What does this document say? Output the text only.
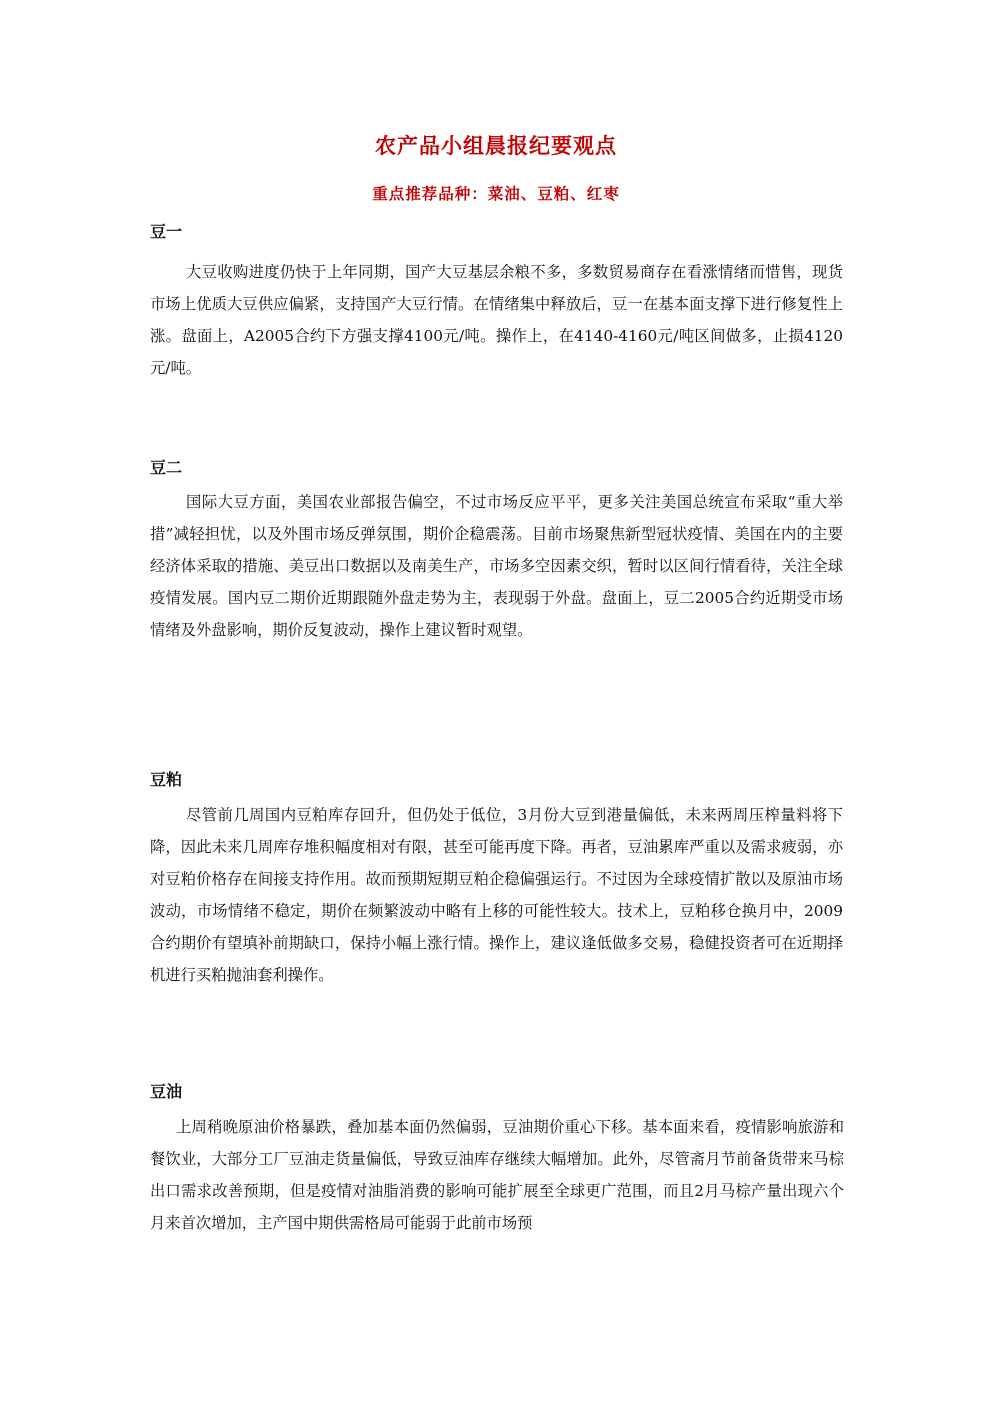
农产品小组晨报纪要观点
重点推荐品种：菜油、豆粕、红枣
豆一

大豆收购进度仍快于上年同期，国产大豆基层余粮不多，多数贸易商存在看涨情绪而惜售，现货市场上优质大豆供应偏紧，支持国产大豆行情。在情绪集中释放后，豆一在基本面支撑下进行修复性上涨。盘面上，A2005合约下方强支撑4100元/吨。操作上，在4140-4160元/吨区间做多，止损4120元/吨。

豆二

国际大豆方面，美国农业部报告偏空，不过市场反应平平，更多关注美国总统宣布采取“重大举措”减轻担忧，以及外围市场反弹氛围，期价企稳震荡。目前市场聚焦新型冠状疫情、美国在内的主要经济体采取的措施、美豆出口数据以及南美生产，市场多空因素交织，暂时以区间行情看待，关注全球疫情发展。国内豆二期价近期跟随外盘走势为主，表现弱于外盘。盘面上，豆二2005合约近期受市场情绪及外盘影响，期价反复波动，操作上建议暂时观望。

豆粕

尽管前几周国内豆粕库存回升，但仍处于低位，3月份大豆到港量偏低，未来两周压榨量料将下降，因此未来几周库存堆积幅度相对有限，甚至可能再度下降。再者，豆油累库严重以及需求疲弱，亦对豆粕价格存在间接支持作用。故而预期短期豆粕企稳偏强运行。不过因为全球疫情扩散以及原油市场波动，市场情绪不稳定，期价在频繁波动中略有上移的可能性较大。技术上，豆粕移仓换月中，2009合约期价有望填补前期缺口，保持小幅上涨行情。操作上，建议逢低做多交易，稳健投资者可在近期择机进行买粕抛油套利操作。

豆油

上周稍晚原油价格暴跌，叠加基本面仍然偏弱，豆油期价重心下移。基本面来看，疫情影响旅游和餐饮业，大部分工厂豆油走货量偏低，导致豆油库存继续大幅增加。此外，尽管斋月节前备货带来马棕出口需求改善预期，但是疫情对油脂消费的影响可能扩展至全球更广范围，而且2月马棕产量出现六个月来首次增加，主产国中期供需格局可能弱于此前市场预
